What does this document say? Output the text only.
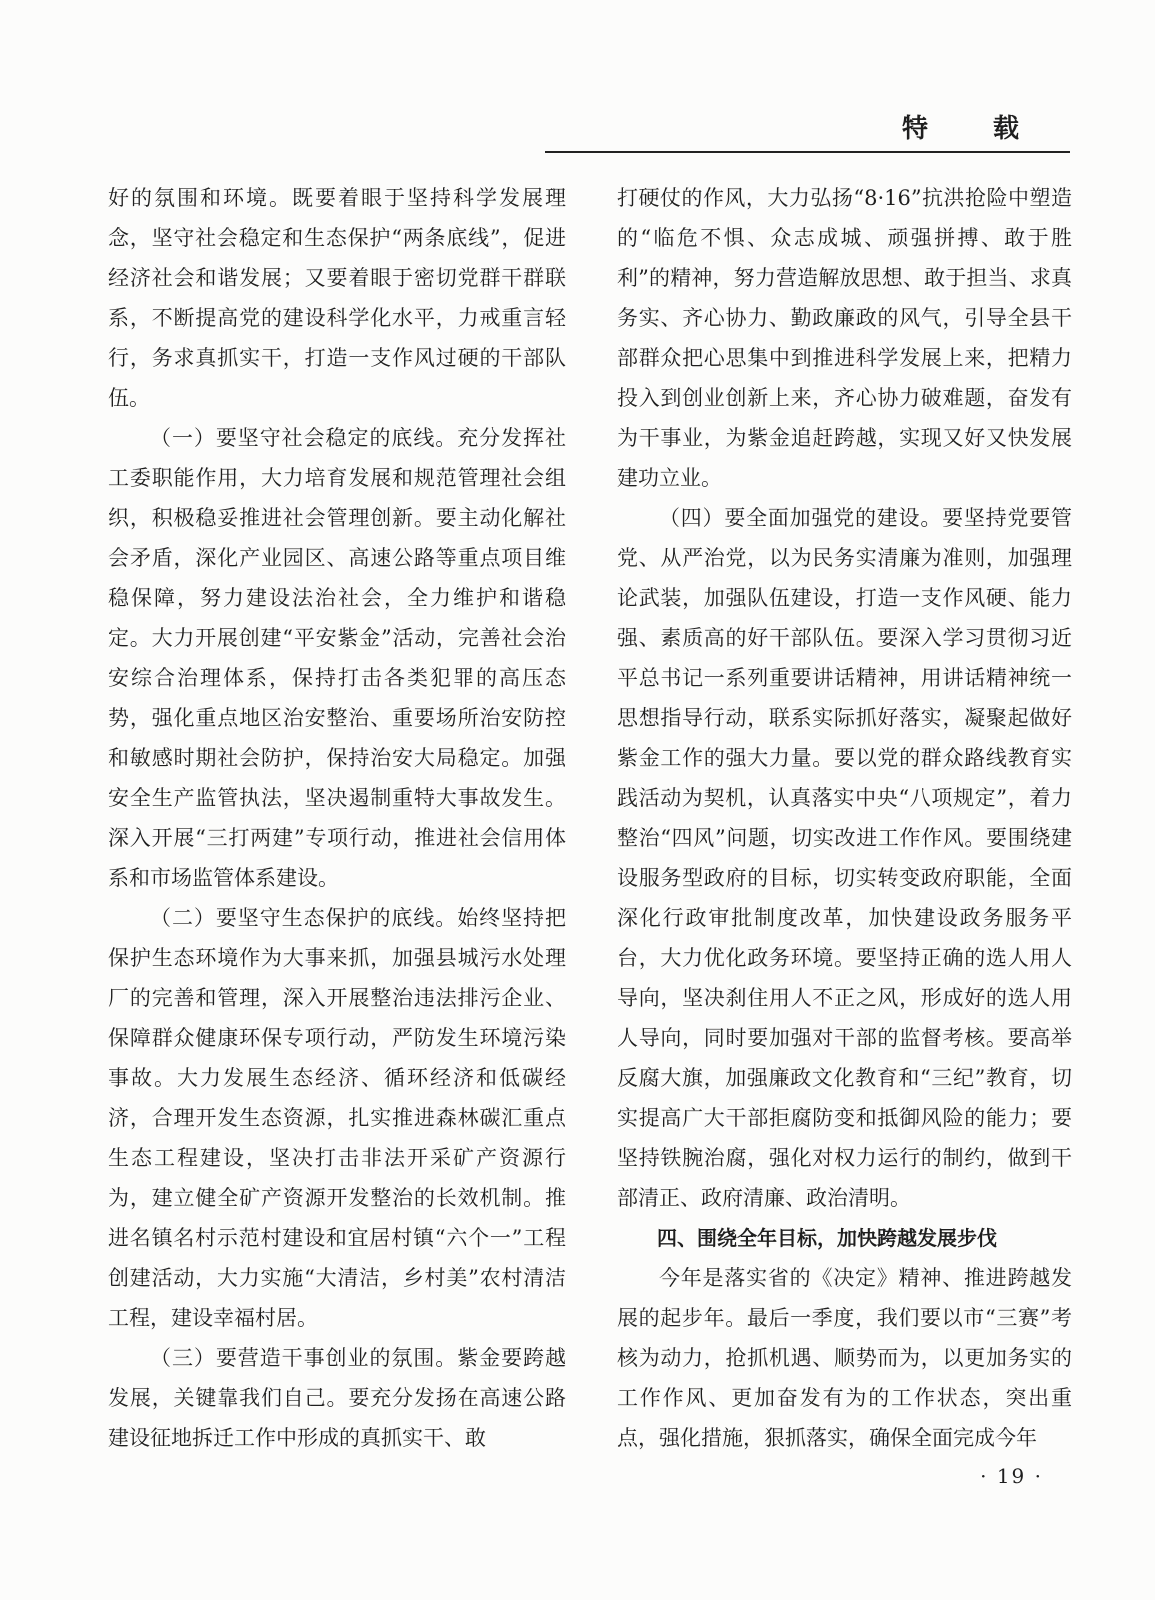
特 载

好的氛围和环境。既要着眼于坚持科学发展理念，坚守社会稳定和生态保护“两条底线”，促进经济社会和谐发展；又要着眼于密切党群干群联系，不断提高党的建设科学化水平，力戒重言轻行，务求真抓实干，打造一支作风过硬的干部队伍。

（一）要坚守社会稳定的底线。充分发挥社工委职能作用，大力培育发展和规范管理社会组织，积极稳妥推进社会管理创新。要主动化解社会矛盾，深化产业园区、高速公路等重点项目维稳保障，努力建设法治社会，全力维护和谐稳定。大力开展创建“平安紫金”活动，完善社会治安综合治理体系，保持打击各类犯罪的高压态势，强化重点地区治安整治、重要场所治安防控和敏感时期社会防护，保持治安大局稳定。加强安全生产监管执法，坚决遏制重特大事故发生。深入开展“三打两建”专项行动，推进社会信用体系和市场监管体系建设。

（二）要坚守生态保护的底线。始终坚持把保护生态环境作为大事来抓，加强县城污水处理厂的完善和管理，深入开展整治违法排污企业、保障群众健康环保专项行动，严防发生环境污染事故。大力发展生态经济、循环经济和低碳经济，合理开发生态资源，扎实推进森林碳汇重点生态工程建设，坚决打击非法开采矿产资源行为，建立健全矿产资源开发整治的长效机制。推进名镇名村示范村建设和宜居村镇“六个一”工程创建活动，大力实施“大清洁，乡村美”农村清洁工程，建设幸福村居。

（三）要营造干事创业的氛围。紫金要跨越发展，关键靠我们自己。要充分发扬在高速公路建设征地拆迁工作中形成的真抓实干、敢

打硬仗的作风，大力弘扬“8·16”抗洪抢险中塑造的“临危不惧、众志成城、顽强拼搏、敢于胜利”的精神，努力营造解放思想、敢于担当、求真务实、齐心协力、勤政廉政的风气，引导全县干部群众把心思集中到推进科学发展上来，把精力投入到创业创新上来，齐心协力破难题，奋发有为干事业，为紫金追赶跨越，实现又好又快发展建功立业。

（四）要全面加强党的建设。要坚持党要管党、从严治党，以为民务实清廉为准则，加强理论武装，加强队伍建设，打造一支作风硬、能力强、素质高的好干部队伍。要深入学习贯彻习近平总书记一系列重要讲话精神，用讲话精神统一思想指导行动，联系实际抓好落实，凝聚起做好紫金工作的强大力量。要以党的群众路线教育实践活动为契机，认真落实中央“八项规定”，着力整治“四风”问题，切实改进工作作风。要围绕建设服务型政府的目标，切实转变政府职能，全面深化行政审批制度改革，加快建设政务服务平台，大力优化政务环境。要坚持正确的选人用人导向，坚决刹住用人不正之风，形成好的选人用人导向，同时要加强对干部的监督考核。要高举反腐大旗，加强廉政文化教育和“三纪”教育，切实提高广大干部拒腐防变和抵御风险的能力；要坚持铁腕治腐，强化对权力运行的制约，做到干部清正、政府清廉、政治清明。

四、围绕全年目标，加快跨越发展步伐

今年是落实省的《决定》精神、推进跨越发展的起步年。最后一季度，我们要以市“三赛”考核为动力，抢抓机遇、顺势而为，以更加务实的工作作风、更加奋发有为的工作状态，突出重点，强化措施，狠抓落实，确保全面完成今年

· 19 ·
